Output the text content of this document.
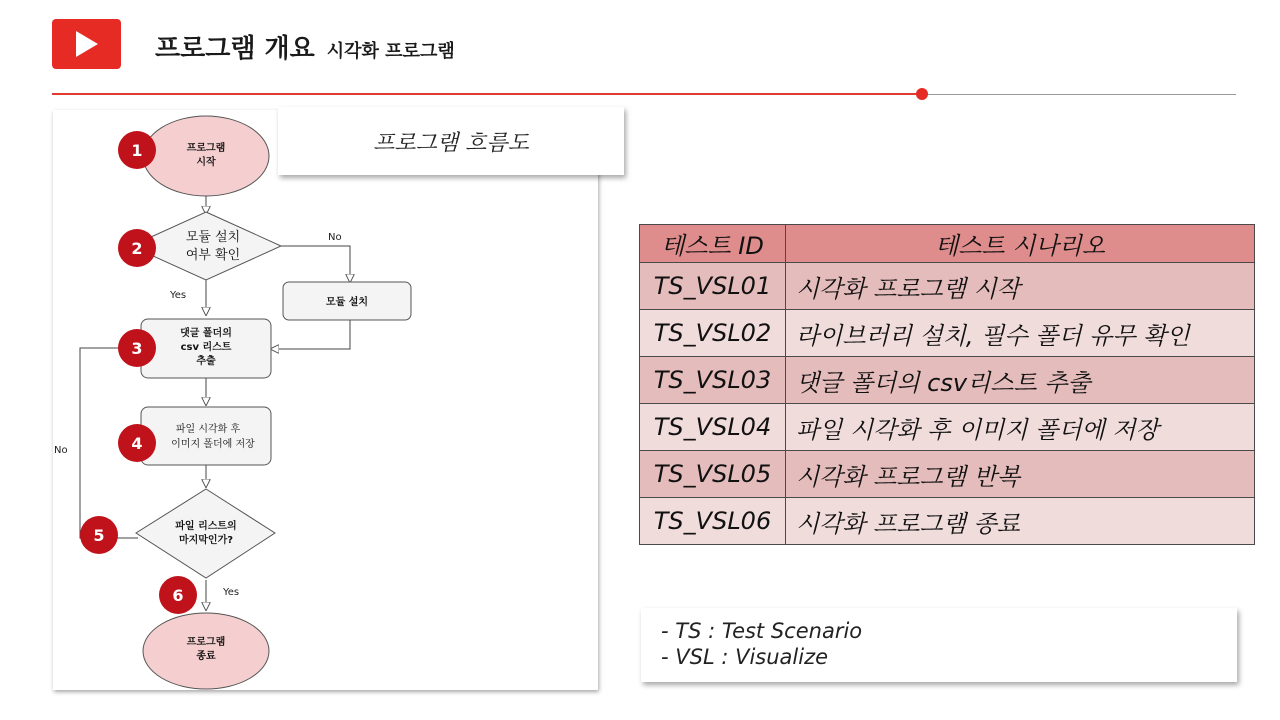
프로그램 개요 시각화 프로그램
프로그램
시작
모듈 설치
여부 확인
모듈 설치
댓글 폴더의
csv 리스트
추출
파일 시각화 후
이미지 폴더에 저장
파일 리스트의
마지막인가?
프로그램
종료
No
Yes
No
Yes
1
2
3
4
5
6
프로그램 흐름도
테스트 ID	테스트 시나리오
TS_VSL01	시각화 프로그램 시작
TS_VSL02	라이브러리 설치, 필수 폴더 유무 확인
TS_VSL03	댓글 폴더의 csv리스트 추출
TS_VSL04	파일 시각화 후 이미지 폴더에 저장
TS_VSL05	시각화 프로그램 반복
TS_VSL06	시각화 프로그램 종료
- TS : Test Scenario
- VSL : Visualize
